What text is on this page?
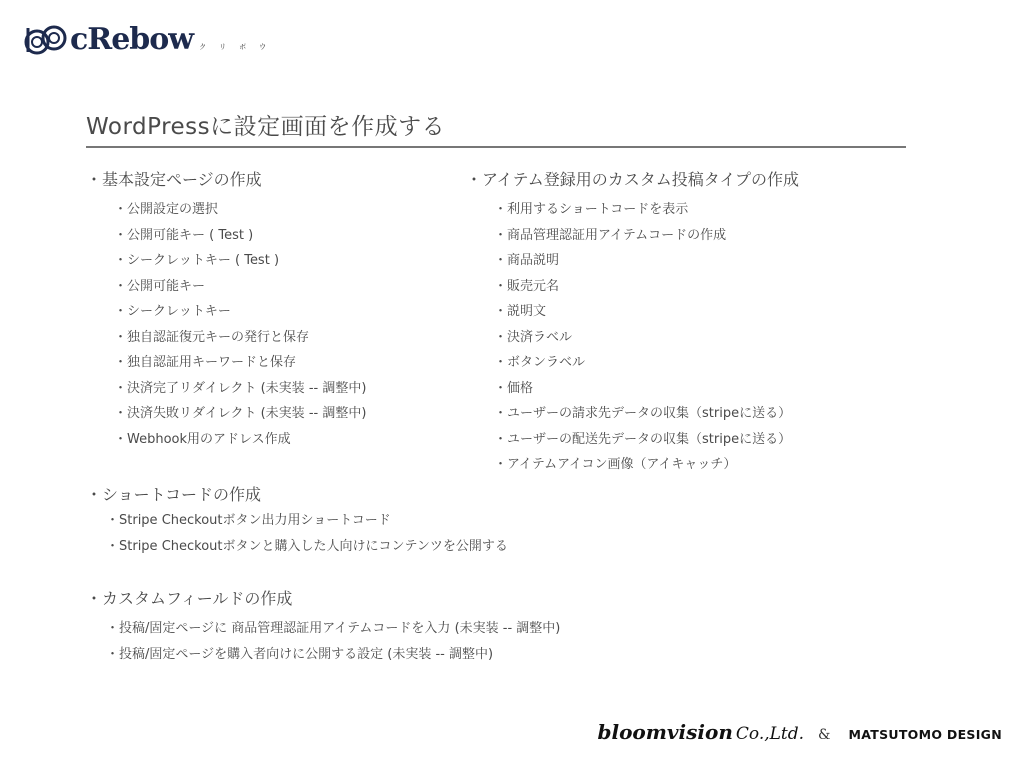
cRebow クリボウ
WordPressに設定画面を作成する
・基本設定ページの作成
・公開設定の選択
・公開可能キー ( Test )
・シークレットキー ( Test )
・公開可能キー
・シークレットキー
・独自認証復元キーの発行と保存
・独自認証用キーワードと保存
・決済完了リダイレクト (未実装 -- 調整中)
・決済失敗リダイレクト (未実装 -- 調整中)
・Webhook用のアドレス作成
・アイテム登録用のカスタム投稿タイプの作成
・利用するショートコードを表示
・商品管理認証用アイテムコードの作成
・商品説明
・販売元名
・説明文
・決済ラベル
・ボタンラベル
・価格
・ユーザーの請求先データの収集（stripeに送る）
・ユーザーの配送先データの収集（stripeに送る）
・アイテムアイコン画像（アイキャッチ）
・ショートコードの作成
・Stripe Checkoutボタン出力用ショートコード
・Stripe Checkoutボタンと購入した人向けにコンテンツを公開する
・カスタムフィールドの作成
・投稿/固定ページに 商品管理認証用アイテムコードを入力 (未実装 -- 調整中)
・投稿/固定ページを購入者向けに公開する設定 (未実装 -- 調整中)
bloomvision Co.,Ltd. & MATSUTOMO DESIGN
